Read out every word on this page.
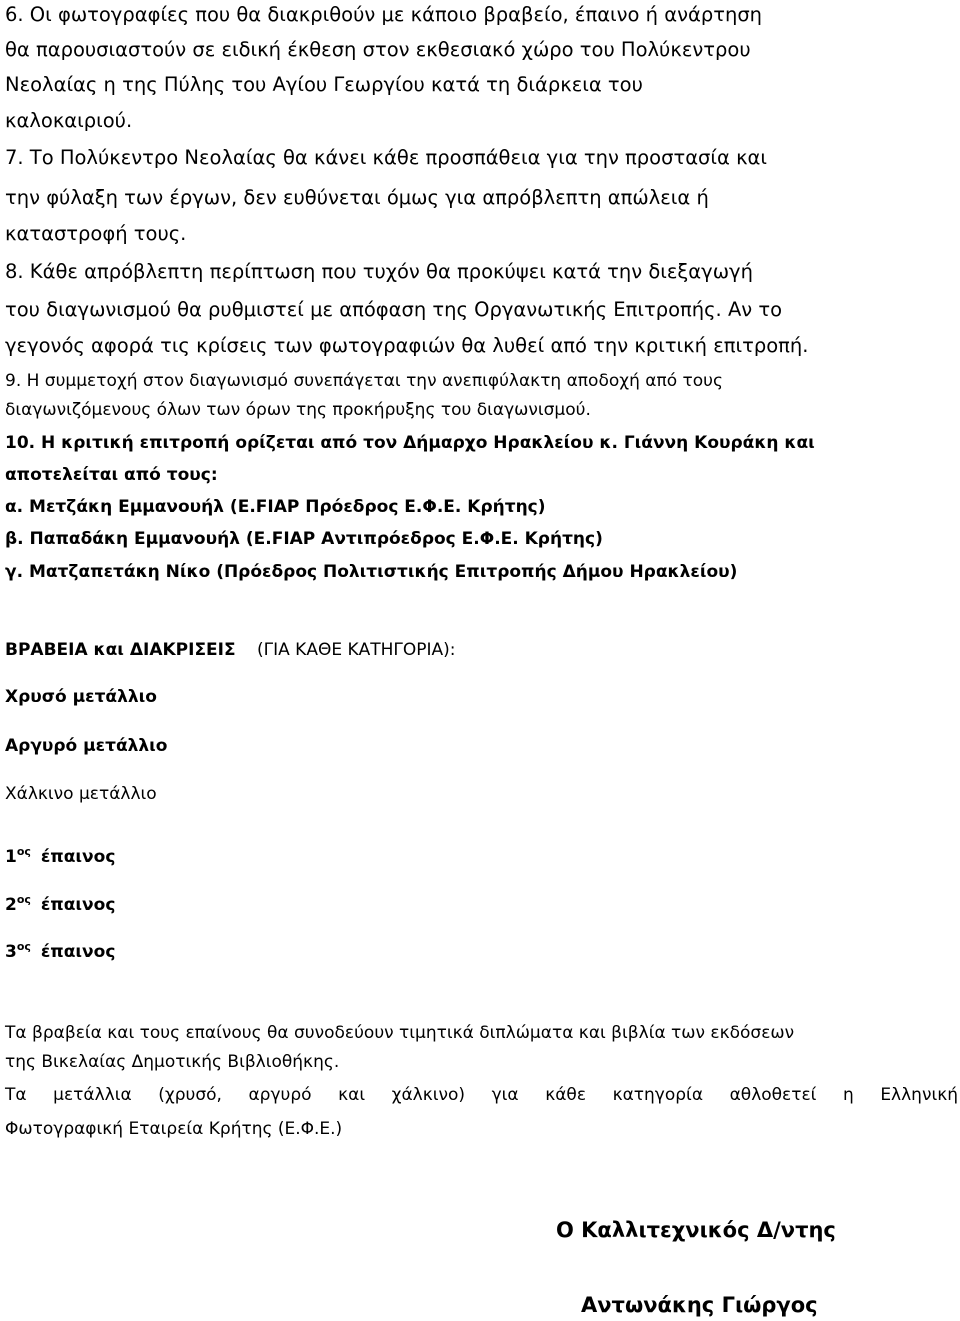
6. Οι φωτογραφίες που θα διακριθούν με κάποιο βραβείο, έπαινο ή ανάρτηση
θα παρουσιαστούν σε ειδική έκθεση στον εκθεσιακό χώρο του Πολύκεντρου
Νεολαίας η της Πύλης του Αγίου Γεωργίου κατά τη διάρκεια του
καλοκαιριού.
7. Το Πολύκεντρο Νεολαίας θα κάνει κάθε προσπάθεια για την προστασία και
την φύλαξη των έργων, δεν ευθύνεται όμως για απρόβλεπτη απώλεια ή
καταστροφή τους.
8. Κάθε απρόβλεπτη περίπτωση που τυχόν θα προκύψει κατά την διεξαγωγή
του διαγωνισμού θα ρυθμιστεί με απόφαση της Οργανωτικής Επιτροπής. Αν το
γεγονός αφορά τις κρίσεις των φωτογραφιών θα λυθεί από την κριτική επιτροπή.
9. Η συμμετοχή στον διαγωνισμό συνεπάγεται την ανεπιφύλακτη αποδοχή από τους
διαγωνιζόμενους όλων των όρων της προκήρυξης του διαγωνισμού.
10. Η κριτική επιτροπή ορίζεται από τον Δήμαρχο Ηρακλείου κ. Γιάννη Κουράκη και
αποτελείται από τους:
α. Μετζάκη Εμμανουήλ (E.FIAP Πρόεδρος Ε.Φ.Ε. Κρήτης)
β. Παπαδάκη Εμμανουήλ (E.FIAP Αντιπρόεδρος Ε.Φ.Ε. Κρήτης)
γ. Ματζαπετάκη Νίκο (Πρόεδρος Πολιτιστικής Επιτροπής Δήμου Ηρακλείου)
ΒΡΑΒΕΙΑ και ΔΙΑΚΡΙΣΕΙΣ (ΓΙΑ ΚΑΘΕ ΚΑΤΗΓΟΡΙΑ):
Χρυσό μετάλλιο
Αργυρό μετάλλιο
Χάλκινο μετάλλιο
$1^{o\varsigma}$ έπαινος
$2^{o\varsigma}$ έπαινος
$3^{o\varsigma}$ έπαινος
Τα βραβεία και τους επαίνους θα συνοδεύουν τιμητικά διπλώματα και βιβλία των εκδόσεων
της Βικελαίας Δημοτικής Βιβλιοθήκης.
Τα μετάλλια (χρυσό, αργυρό και χάλκινο) για κάθε κατηγορία αθλοθετεί η Ελληνική
Φωτογραφική Εταιρεία Κρήτης (Ε.Φ.Ε.)
Ο Καλλιτεχνικός Δ/ντης
Αντωνάκης Γιώργος
